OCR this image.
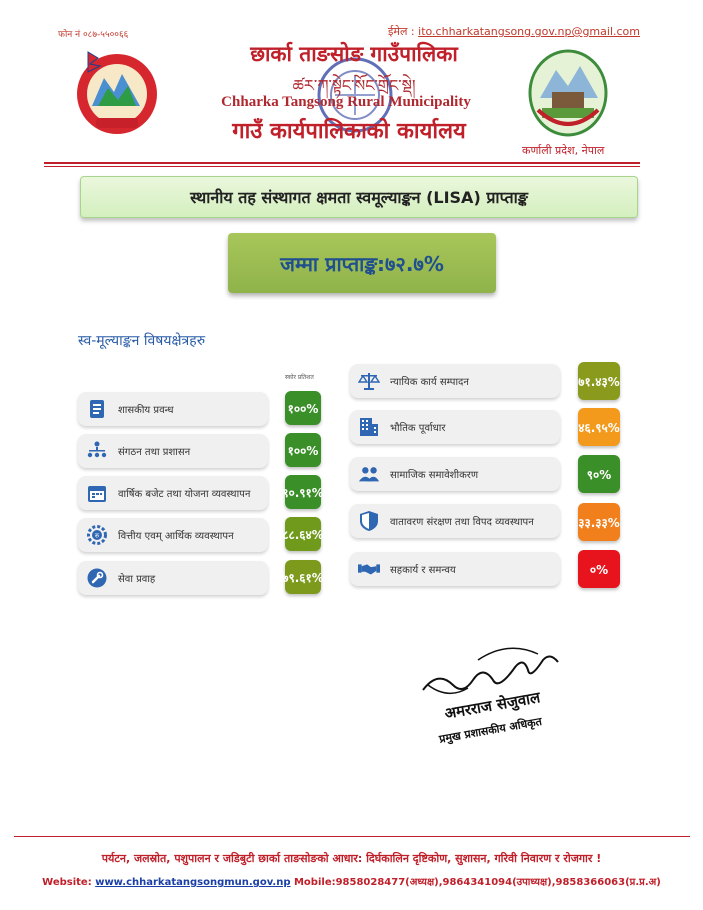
फोन नं ०८७-५५००६६	ईमेल : ito.chharkatangsong.gov.np@gmail.com
छार्का ताङसोङ गाउँपालिका
ཚར་ཀ་སྟེང་སོང་གྲོང་སྡེ།
Chharka Tangsong Rural Municipality
गाउँ कार्यपालिकाको कार्यालय
कर्णाली प्रदेश, नेपाल
स्थानीय तह संस्थागत क्षमता स्वमूल्याङ्कन (LISA) प्राप्ताङ्क
जम्मा प्राप्ताङ्क:७२.७%
स्व-मूल्याङ्कन विषयक्षेत्रहरु
स्कोर प्रतिशत
शासकीय प्रवन्ध	१००%
संगठन तथा प्रशासन	१००%
वार्षिक बजेट तथा योजना व्यवस्थापन	९०.९१%
रु वित्तीय एवम् आर्थिक व्यवस्थापन	८८.६४%
सेवा प्रवाह	७९.६१%
न्यायिक कार्य सम्पादन	७१.४३%
भौतिक पूर्वाधार	४६.९५%
सामाजिक समावेशीकरण	९०%
वातावरण संरक्षण तथा विपद व्यवस्थापन	३३.३३%
सहकार्य र समन्वय	०%
अमरराज सेजुवाल
प्रमुख प्रशासकीय अधिकृत
पर्यटन, जलस्रोत, पशुपालन र जडिबुटी छार्का ताङसोङको आधार: दिर्घकालिन दृष्टिकोण, सुशासन, गरिवी निवारण र रोजगार !
Website: www.chharkatangsongmun.gov.np Mobile:9858028477(अध्यक्ष),9864341094(उपाध्यक्ष),9858366063(प्र.प्र.अ)
